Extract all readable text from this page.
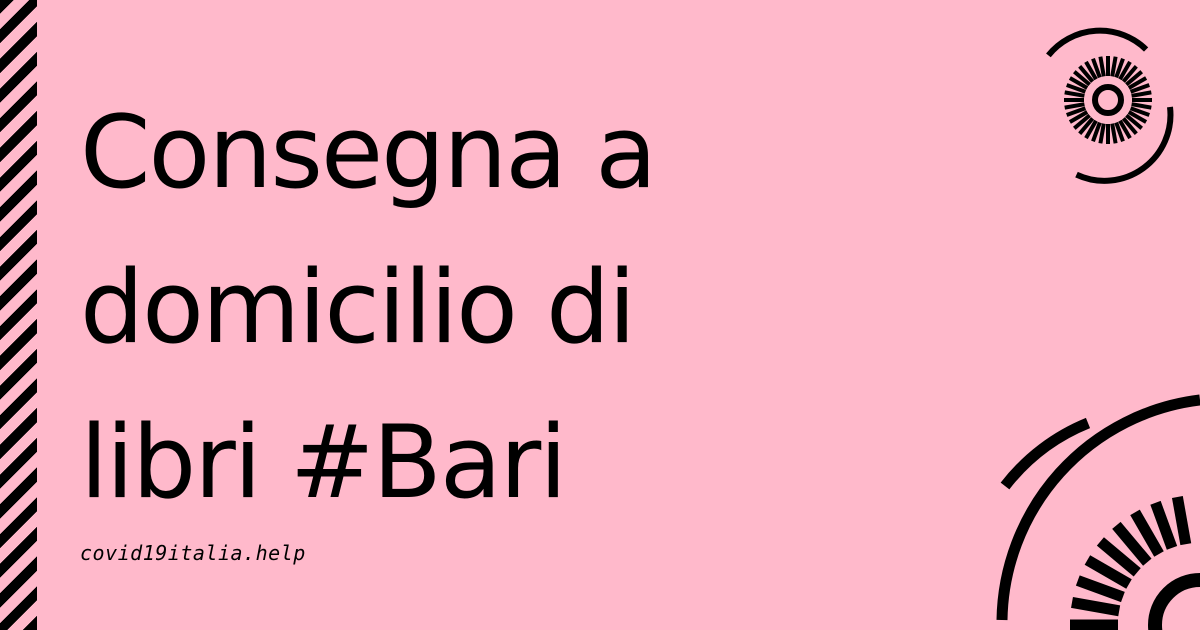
Consegna a
domicilio di
libri #Bari
covid19italia.help
